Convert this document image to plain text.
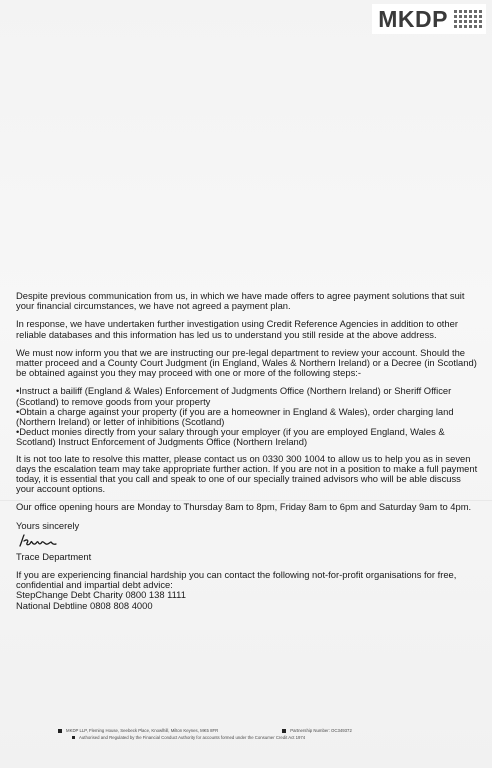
MKDP

Despite previous communication from us, in which we have made offers to agree payment solutions that suit your financial circumstances, we have not agreed a payment plan.

In response, we have undertaken further investigation using Credit Reference Agencies in addition to other reliable databases and this information has led us to understand you still reside at the above address.

We must now inform you that we are instructing our pre-legal department to review your account. Should the matter proceed and a County Court Judgment (in England, Wales & Northern Ireland) or a Decree (in Scotland) be obtained against you they may proceed with one or more of the following steps:-

•Instruct a bailiff (England & Wales) Enforcement of Judgments Office (Northern Ireland) or Sheriff Officer (Scotland) to remove goods from your property
•Obtain a charge against your property (if you are a homeowner in England & Wales), order charging land (Northern Ireland) or letter of inhibitions (Scotland)
•Deduct monies directly from your salary through your employer (if you are employed England, Wales & Scotland) Instruct Enforcement of Judgments Office (Northern Ireland)

It is not too late to resolve this matter, please contact us on 0330 300 1004 to allow us to help you as in seven days the escalation team may take appropriate further action. If you are not in a position to make a full payment today, it is essential that you call and speak to one of our specially trained advisors who will be able discuss your account options.

Our office opening hours are Monday to Thursday 8am to 8pm, Friday 8am to 6pm and Saturday 9am to 4pm.

Yours sincerely

Trace Department

If you are experiencing financial hardship you can contact the following not-for-profit organisations for free, confidential and impartial debt advice:

StepChange Debt Charity 0800 138 1111

National Debtline 0808 808 4000

MKDP LLP, Fleming House, Seebeck Place, Knowlhill, Milton Keynes, MK5 8FR	Partnership Number: OC349372
Authorised and Regulated by the Financial Conduct Authority for accounts formed under the Consumer Credit Act 1974
